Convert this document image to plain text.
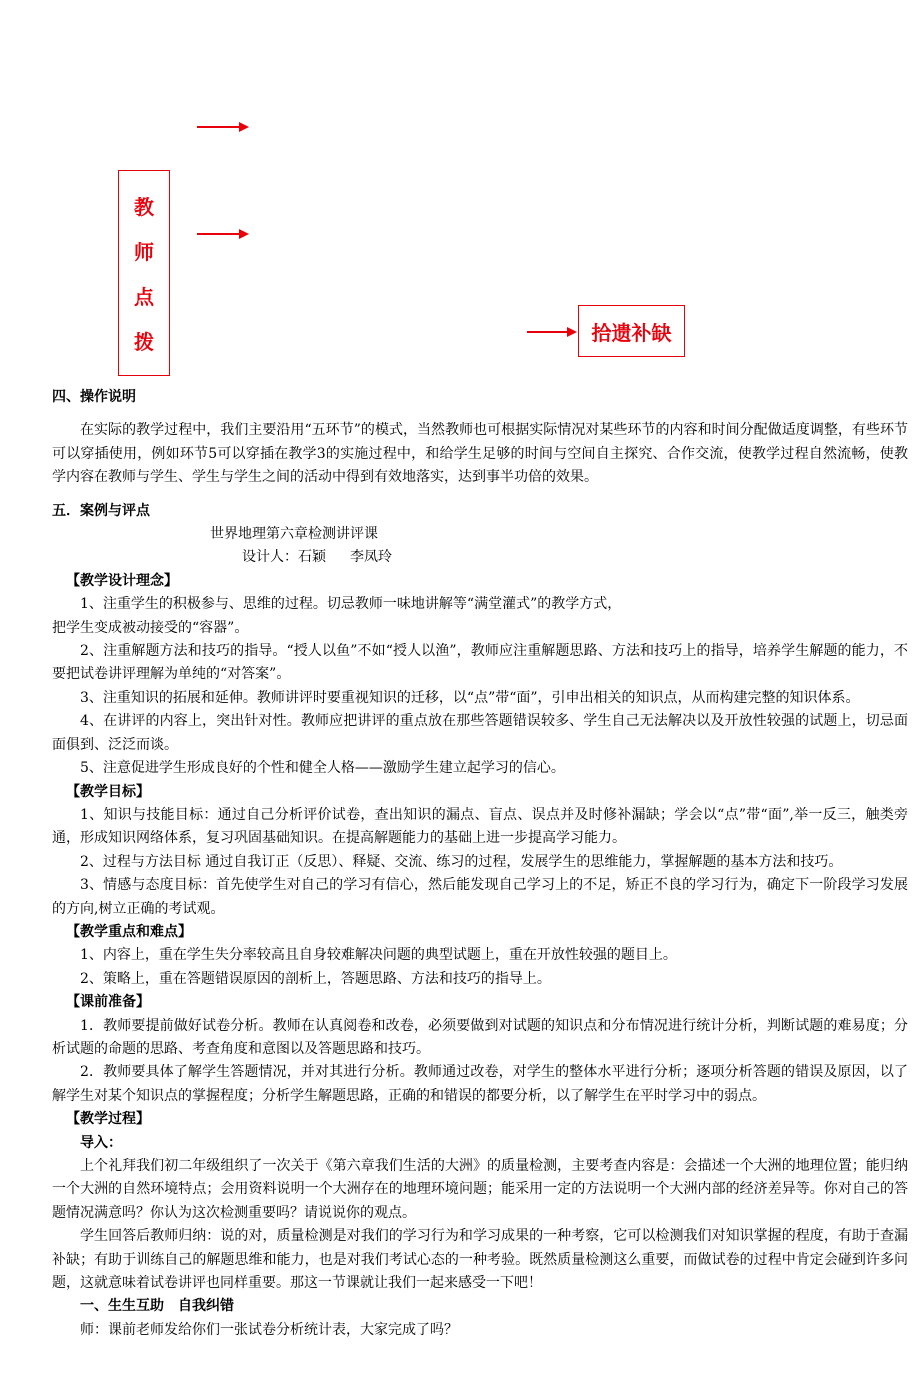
教
师
点
拨	拾遗补缺

四、操作说明

在实际的教学过程中，我们主要沿用“五环节”的模式，当然教师也可根据实际情况对某些环节的内容和时间分配做适度调整，有些环节可以穿插使用，例如环节5可以穿插在教学3的实施过程中，和给学生足够的时间与空间自主探究、合作交流，使教学过程自然流畅，使教学内容在教师与学生、学生与学生之间的活动中得到有效地落实，达到事半功倍的效果。

五．案例与评点

世界地理第六章检测讲评课

设计人：石颖 李凤玲

【教学设计理念】

1、注重学生的积极参与、思维的过程。切忌教师一味地讲解等“满堂灌式”的教学方式，

把学生变成被动接受的“容器”。

2、注重解题方法和技巧的指导。“授人以鱼”不如“授人以渔”，教师应注重解题思路、方法和技巧上的指导，培养学生解题的能力，不要把试卷讲评理解为单纯的“对答案”。

3、注重知识的拓展和延伸。教师讲评时要重视知识的迁移，以“点”带“面”，引申出相关的知识点，从而构建完整的知识体系。

4、在讲评的内容上，突出针对性。教师应把讲评的重点放在那些答题错误较多、学生自己无法解决以及开放性较强的试题上，切忌面面俱到、泛泛而谈。

5、注意促进学生形成良好的个性和健全人格——激励学生建立起学习的信心。

【教学目标】

1、知识与技能目标：通过自己分析评价试卷，查出知识的漏点、盲点、误点并及时修补漏缺；学会以“点”带“面”,举一反三，触类旁通，形成知识网络体系，复习巩固基础知识。在提高解题能力的基础上进一步提高学习能力。

2、过程与方法目标 通过自我订正（反思）、释疑、交流、练习的过程，发展学生的思维能力，掌握解题的基本方法和技巧。

3、情感与态度目标：首先使学生对自己的学习有信心，然后能发现自己学习上的不足，矫正不良的学习行为，确定下一阶段学习发展的方向,树立正确的考试观。

【教学重点和难点】

1、内容上，重在学生失分率较高且自身较难解决问题的典型试题上，重在开放性较强的题目上。

2、策略上，重在答题错误原因的剖析上，答题思路、方法和技巧的指导上。

【课前准备】

1．教师要提前做好试卷分析。教师在认真阅卷和改卷，必须要做到对试题的知识点和分布情况进行统计分析，判断试题的难易度；分析试题的命题的思路、考查角度和意图以及答题思路和技巧。

2．教师要具体了解学生答题情况，并对其进行分析。教师通过改卷，对学生的整体水平进行分析；逐项分析答题的错误及原因，以了解学生对某个知识点的掌握程度；分析学生解题思路，正确的和错误的都要分析，以了解学生在平时学习中的弱点。

【教学过程】

导入：

上个礼拜我们初二年级组织了一次关于《第六章我们生活的大洲》的质量检测，主要考查内容是：会描述一个大洲的地理位置；能归纳一个大洲的自然环境特点；会用资料说明一个大洲存在的地理环境问题；能采用一定的方法说明一个大洲内部的经济差异等。你对自己的答题情况满意吗？你认为这次检测重要吗？请说说你的观点。

学生回答后教师归纳：说的对，质量检测是对我们的学习行为和学习成果的一种考察，它可以检测我们对知识掌握的程度，有助于查漏补缺；有助于训练自己的解题思维和能力，也是对我们考试心态的一种考验。既然质量检测这么重要，而做试卷的过程中肯定会碰到许多问题，这就意味着试卷讲评也同样重要。那这一节课就让我们一起来感受一下吧！

一、生生互助　自我纠错

师：课前老师发给你们一张试卷分析统计表，大家完成了吗？
